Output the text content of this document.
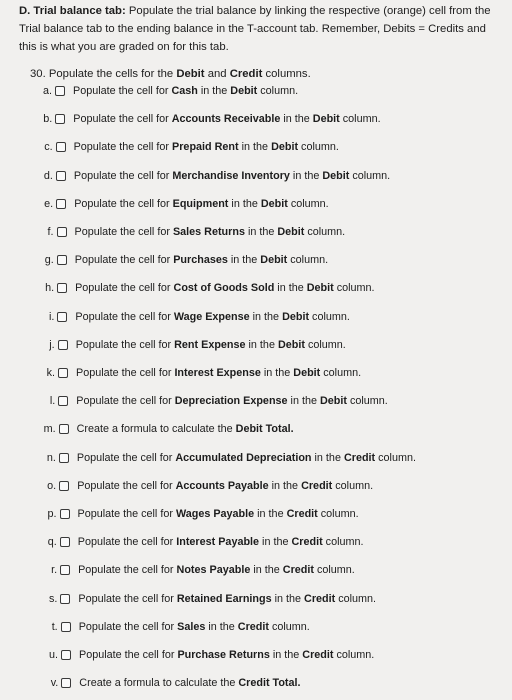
D. Trial balance tab: Populate the trial balance by linking the respective (orange) cell from the Trial balance tab to the ending balance in the T-account tab. Remember, Debits = Credits and this is what you are graded on for this tab.
30. Populate the cells for the Debit and Credit columns.
a. Populate the cell for Cash in the Debit column.
b. Populate the cell for Accounts Receivable in the Debit column.
c. Populate the cell for Prepaid Rent in the Debit column.
d. Populate the cell for Merchandise Inventory in the Debit column.
e. Populate the cell for Equipment in the Debit column.
f. Populate the cell for Sales Returns in the Debit column.
g. Populate the cell for Purchases in the Debit column.
h. Populate the cell for Cost of Goods Sold in the Debit column.
i. Populate the cell for Wage Expense in the Debit column.
j. Populate the cell for Rent Expense in the Debit column.
k. Populate the cell for Interest Expense in the Debit column.
l. Populate the cell for Depreciation Expense in the Debit column.
m. Create a formula to calculate the Debit Total.
n. Populate the cell for Accumulated Depreciation in the Credit column.
o. Populate the cell for Accounts Payable in the Credit column.
p. Populate the cell for Wages Payable in the Credit column.
q. Populate the cell for Interest Payable in the Credit column.
r. Populate the cell for Notes Payable in the Credit column.
s. Populate the cell for Retained Earnings in the Credit column.
t. Populate the cell for Sales in the Credit column.
u. Populate the cell for Purchase Returns in the Credit column.
v. Create a formula to calculate the Credit Total.
